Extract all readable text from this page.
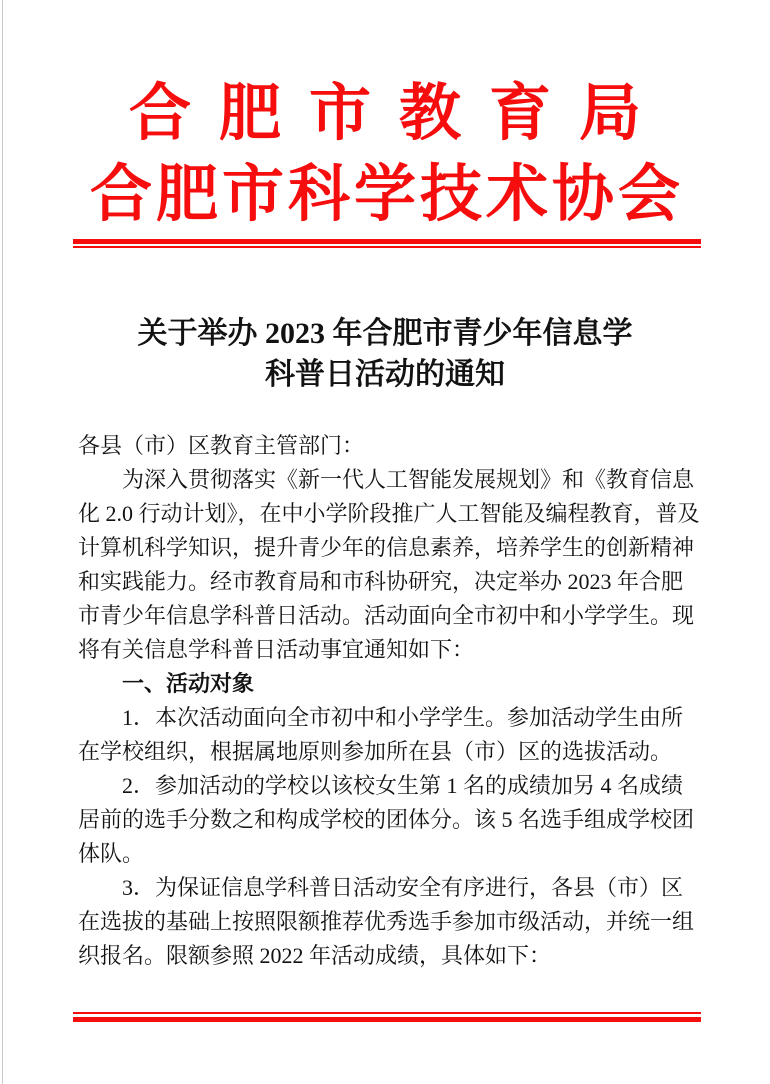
合肥市教育局
合肥市科学技术协会
关于举办 2023 年合肥市青少年信息学
科普日活动的通知
各县（市）区教育主管部门：
为深入贯彻落实《新一代人工智能发展规划》和《教育信息
化 2.0 行动计划》，在中小学阶段推广人工智能及编程教育，普及
计算机科学知识，提升青少年的信息素养，培养学生的创新精神
和实践能力。经市教育局和市科协研究，决定举办 2023 年合肥
市青少年信息学科普日活动。活动面向全市初中和小学学生。现
将有关信息学科普日活动事宜通知如下：
一、活动对象
1．本次活动面向全市初中和小学学生。参加活动学生由所
在学校组织，根据属地原则参加所在县（市）区的选拔活动。
2．参加活动的学校以该校女生第 1 名的成绩加另 4 名成绩
居前的选手分数之和构成学校的团体分。该 5 名选手组成学校团
体队。
3．为保证信息学科普日活动安全有序进行，各县（市）区
在选拔的基础上按照限额推荐优秀选手参加市级活动，并统一组
织报名。限额参照 2022 年活动成绩，具体如下：
